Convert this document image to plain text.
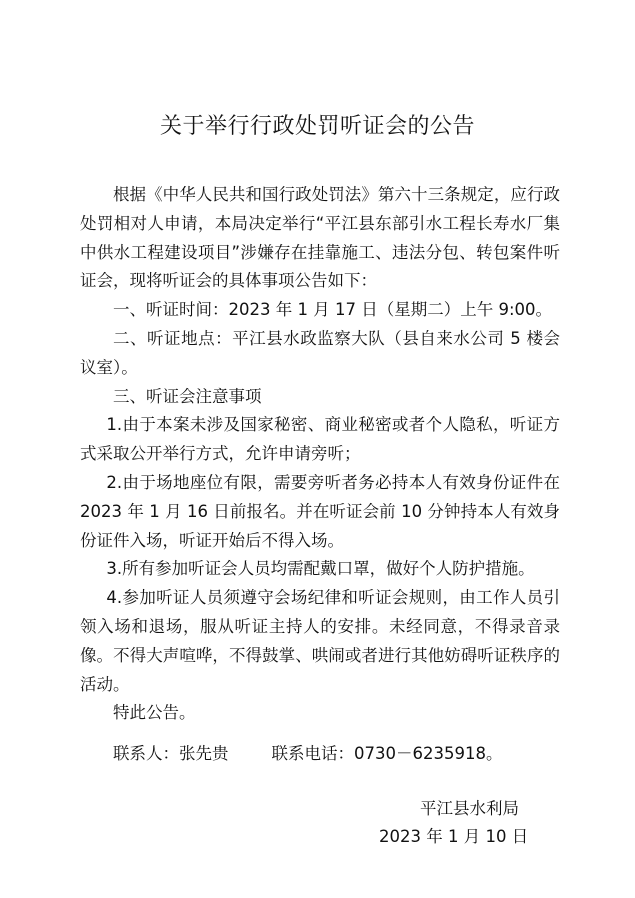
关于举行行政处罚听证会的公告

根据《中华人民共和国行政处罚法》第六十三条规定，应行政处罚相对人申请，本局决定举行“平江县东部引水工程长寿水厂集中供水工程建设项目”涉嫌存在挂靠施工、违法分包、转包案件听证会，现将听证会的具体事项公告如下：

一、听证时间：2023 年 1 月 17 日（星期二）上午 9:00。

二、听证地点：平江县水政监察大队（县自来水公司 5 楼会议室）。

三、听证会注意事项

1.由于本案未涉及国家秘密、商业秘密或者个人隐私，听证方式采取公开举行方式，允许申请旁听；

2.由于场地座位有限，需要旁听者务必持本人有效身份证件在 2023 年 1 月 16 日前报名。并在听证会前 10 分钟持本人有效身份证件入场，听证开始后不得入场。

3.所有参加听证会人员均需配戴口罩，做好个人防护措施。

4.参加听证人员须遵守会场纪律和听证会规则，由工作人员引领入场和退场，服从听证主持人的安排。未经同意，不得录音录像。不得大声喧哗，不得鼓掌、哄闹或者进行其他妨碍听证秩序的活动。

特此公告。

联系人：张先贵	联系电话：0730－6235918。
平江县水利局
2023 年 1 月 10 日
